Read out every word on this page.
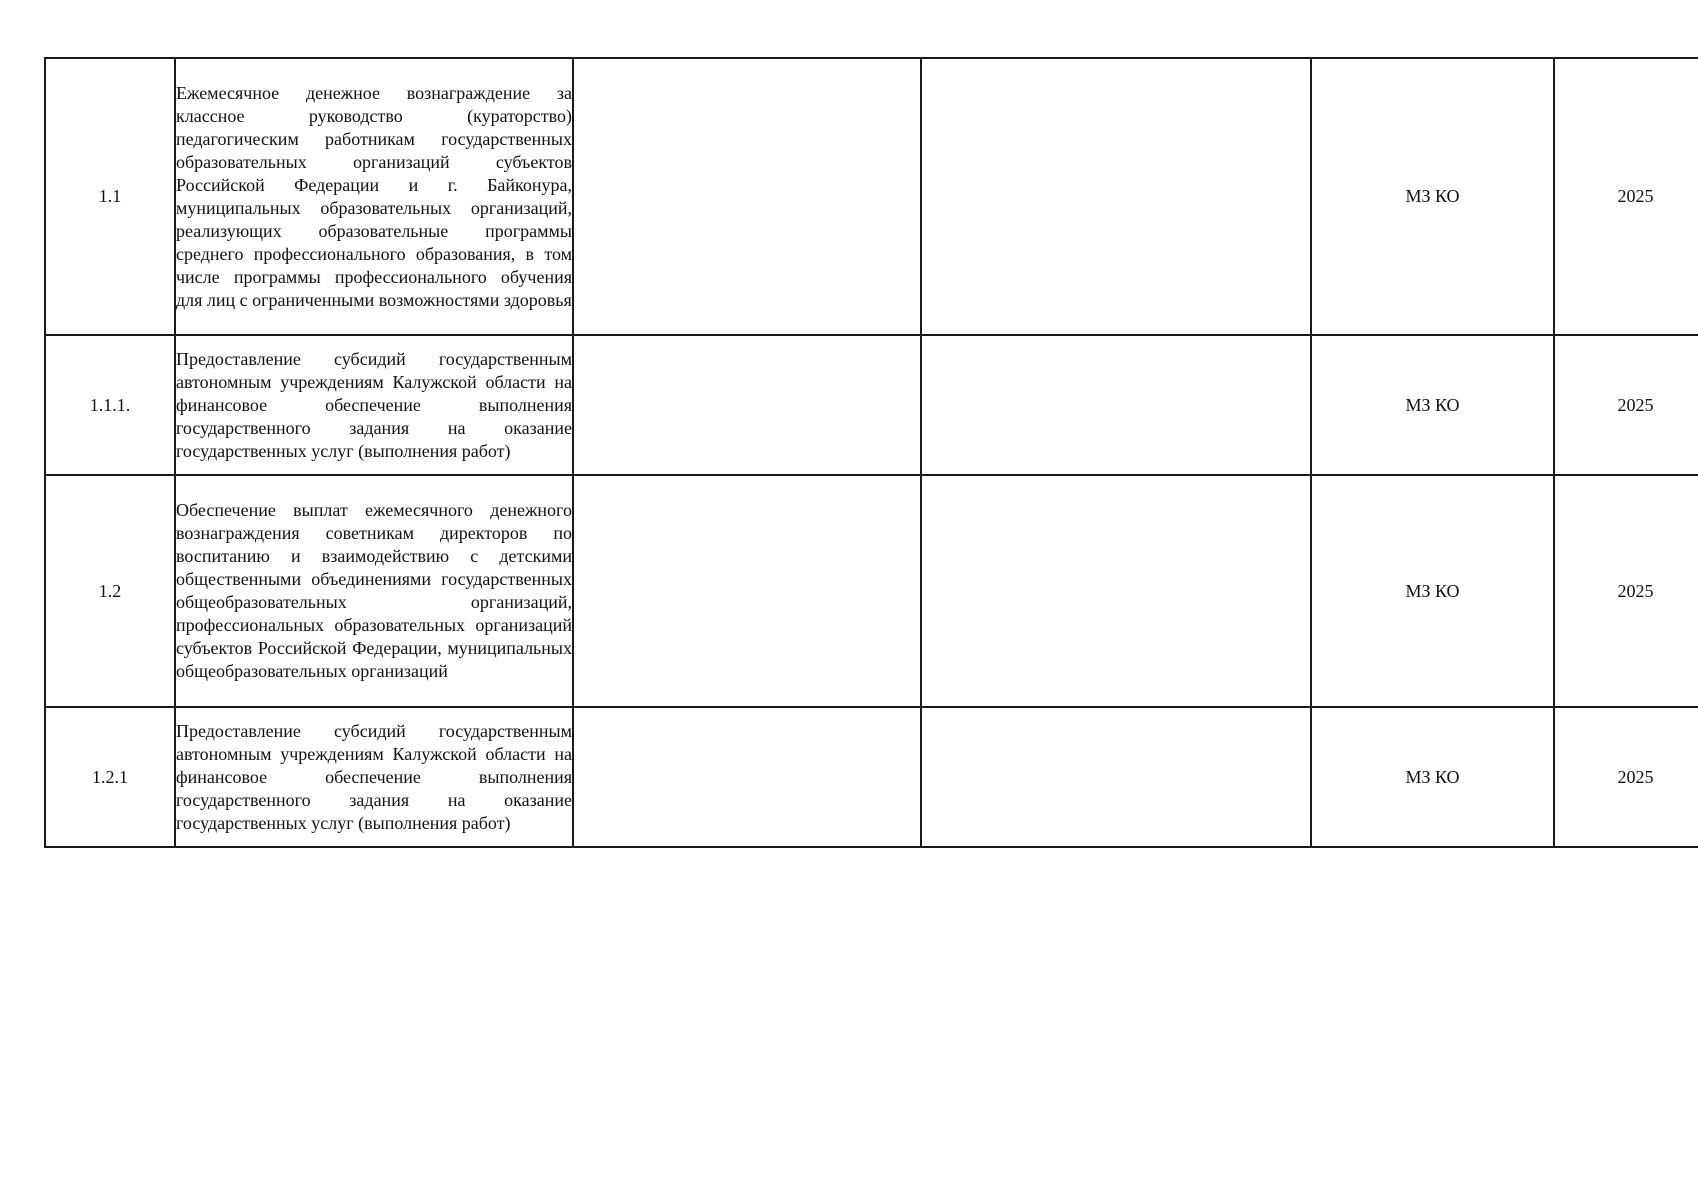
1.1	Ежемесячное денежное вознаграждение за классное руководство (кураторство) педагогическим работникам государственных образовательных организаций субъектов Российской Федерации и г. Байконура, муниципальных образовательных организаций, реализующих образовательные программы среднего профессионального образования, в том числе программы профессионального обучения для лиц с ограниченными возможностями здоровья			МЗ КО	2025
1.1.1.	Предоставление субсидий государственным автономным учреждениям Калужской области на финансовое обеспечение выполнения государственного задания на оказание государственных услуг (выполнения работ)			МЗ КО	2025
1.2	Обеспечение выплат ежемесячного денежного вознаграждения советникам директоров по воспитанию и взаимодействию с детскими общественными объединениями государственных общеобразовательных организаций, профессиональных образовательных организаций субъектов Российской Федерации, муниципальных общеобразовательных организаций			МЗ КО	2025
1.2.1	Предоставление субсидий государственным автономным учреждениям Калужской области на финансовое обеспечение выполнения государственного задания на оказание государственных услуг (выполнения работ)			МЗ КО	2025
